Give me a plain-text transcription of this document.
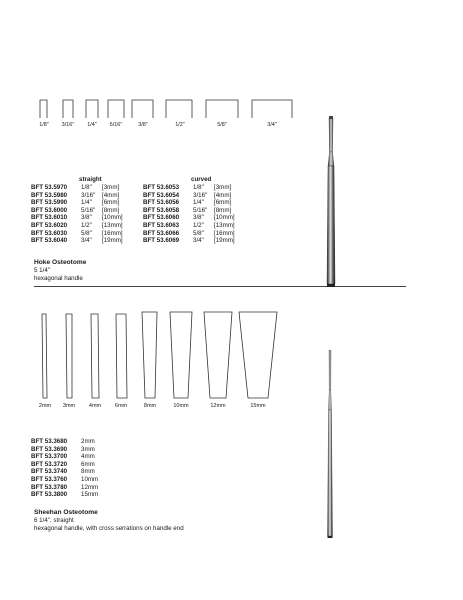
1/8" 3/16" 1/4" 5/16"	3/8"	1/2"	5/8"	3/4"
straight
BFT 53.5970	1/8"	[3mm]
BFT 53.5980	3/16"	[4mm]
BFT 53.5990	1/4"	[6mm]
BFT 53.6000	5/16"	[8mm]
BFT 53.6010	3/8"	[10mm]
BFT 53.6020	1/2"	[13mm]
BFT 53.6030	5/8"	[16mm]
BFT 53.6040	3/4"	[19mm]
curved
BFT 53.6053	1/8"	[3mm]
BFT 53.6054	3/16"	[4mm]
BFT 53.6056	1/4"	[6mm]
BFT 53.6058	5/16"	[8mm]
BFT 53.6060	3/8"	[10mm]
BFT 53.6063	1/2"	[13mm]
BFT 53.6066	5/8"	[16mm]
BFT 53.6069	3/4"	[19mm]
Hoke Osteotome
5 1/4"
hexagonal handle
2mm 3mm	4mm	6mm	8mm	10mm	12mm	15mm
BFT 53.3680	2mm
BFT 53.3690	3mm
BFT 53.3700	4mm
BFT 53.3720	6mm
BFT 53.3740	8mm
BFT 53.3760	10mm
BFT 53.3780	12mm
BFT 53.3800	15mm
Sheehan Osteotome
6 1/4", straight
hexagonal handle, with cross serrations on handle end
